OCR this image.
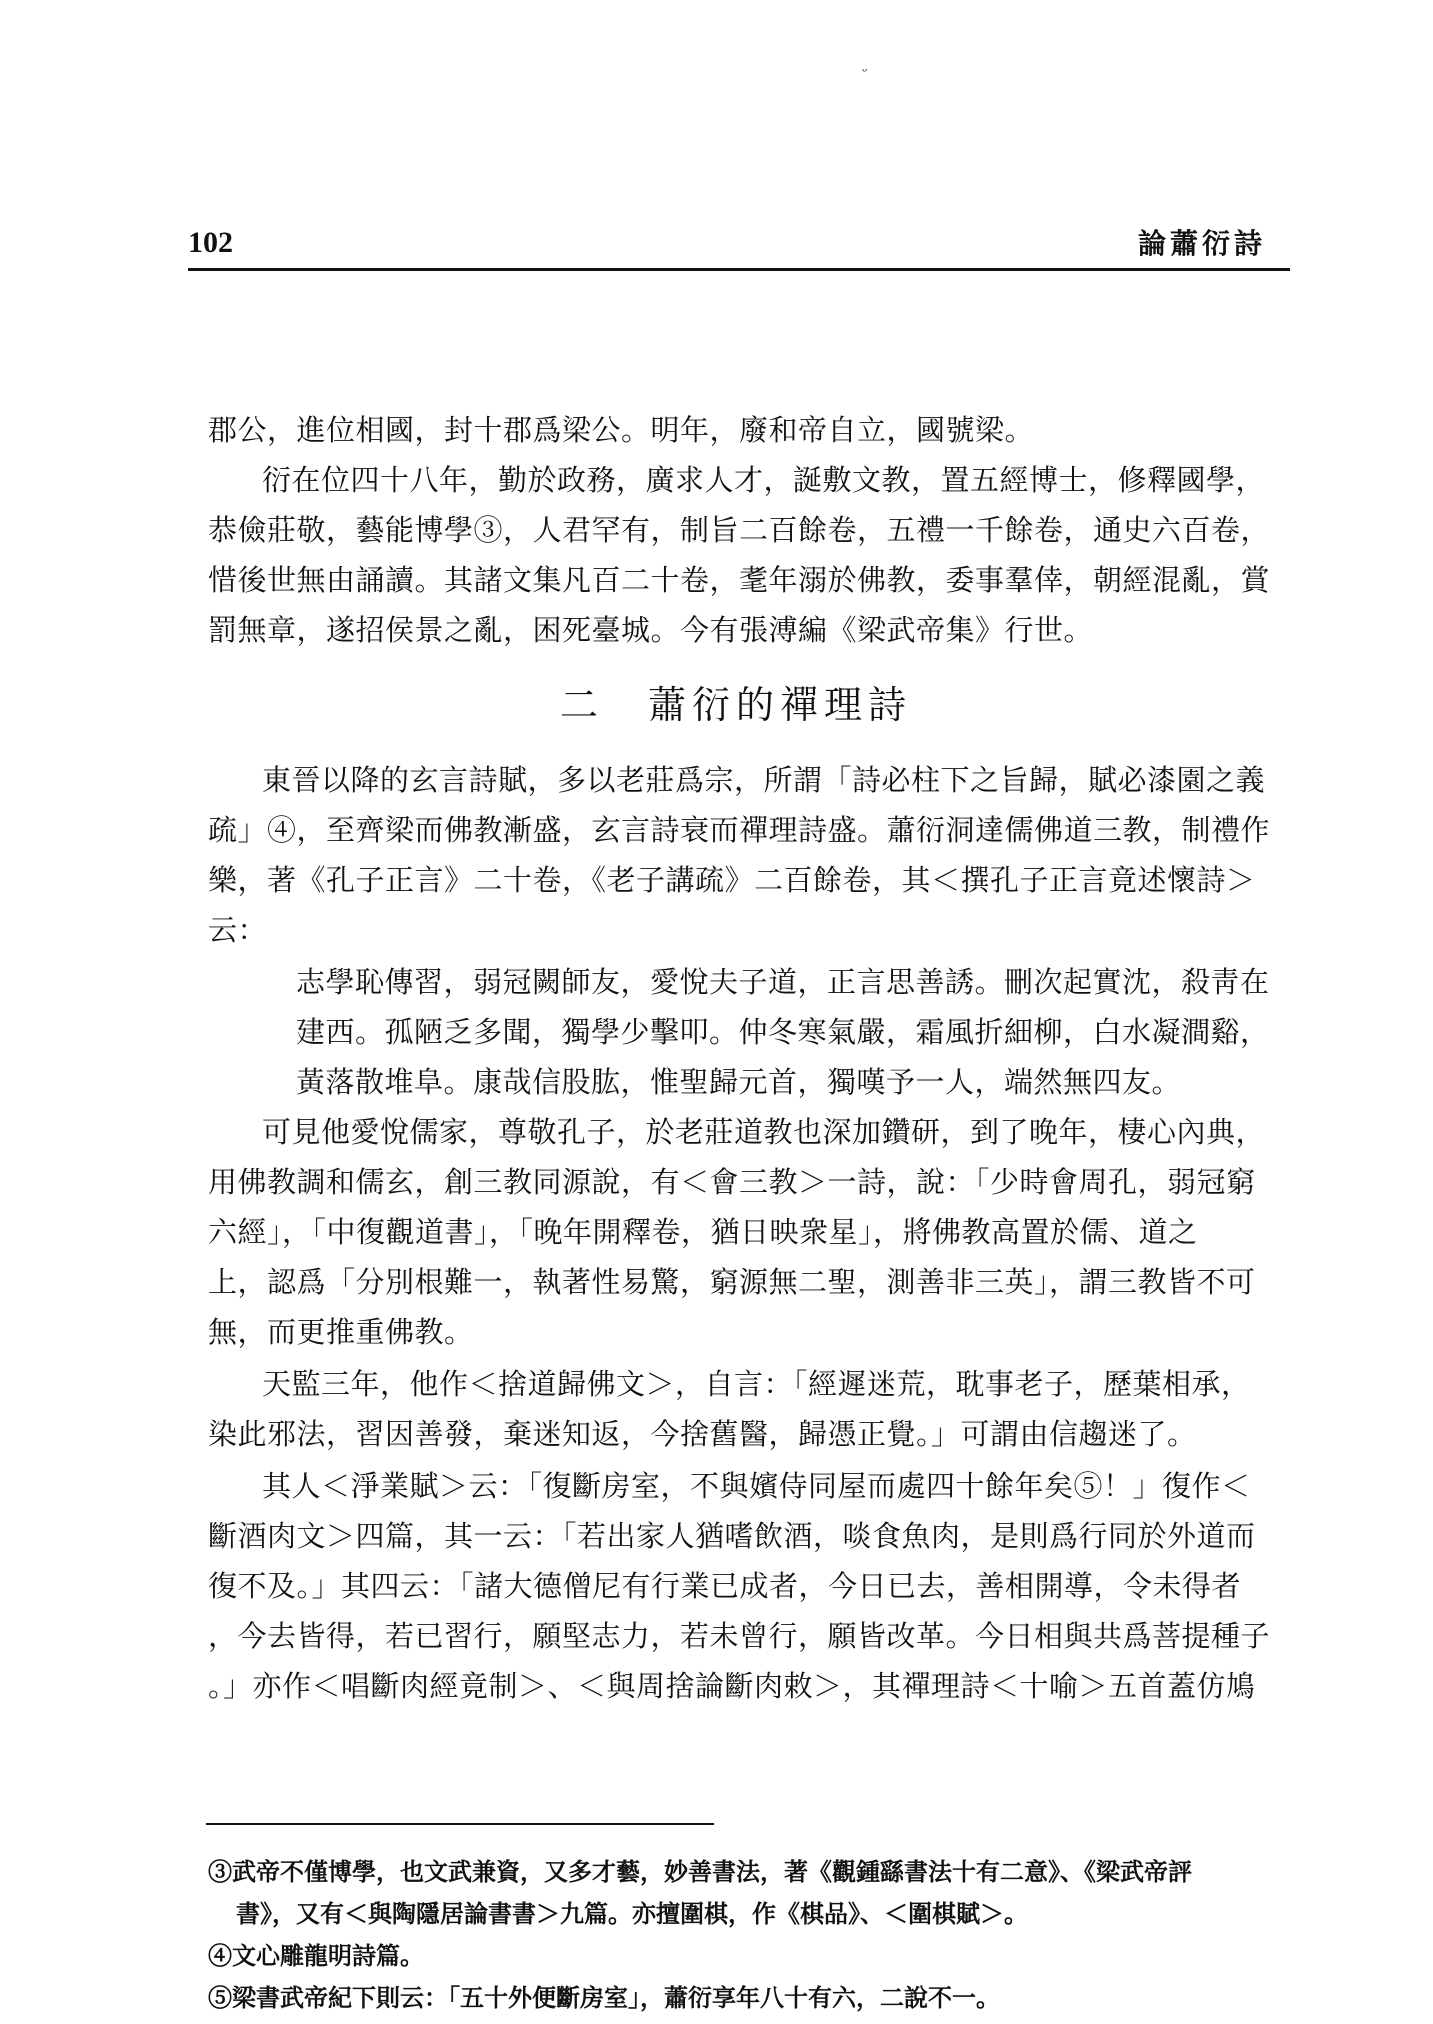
ᵕ
102	論蕭衍詩
郡公，進位相國，封十郡爲梁公。明年，廢和帝自立，國號梁。
衍在位四十八年，勤於政務，廣求人才，誕敷文教，置五經博士，修釋國學，
恭儉莊敬，藝能博學③，人君罕有，制旨二百餘卷，五禮一千餘卷，通史六百卷，
惜後世無由誦讀。其諸文集凡百二十卷，耄年溺於佛教，委事羣倖，朝經混亂，賞
罰無章，遂招侯景之亂，困死臺城。今有張溥編《梁武帝集》行世。
二　蕭衍的禪理詩
東晉以降的玄言詩賦，多以老莊爲宗，所謂「詩必柱下之旨歸，賦必漆園之義
疏」④，至齊梁而佛教漸盛，玄言詩衰而禪理詩盛。蕭衍洞達儒佛道三教，制禮作
樂，著《孔子正言》二十卷，《老子講疏》二百餘卷，其＜撰孔子正言竟述懷詩＞
云：
志學恥傳習，弱冠闕師友，愛悅夫子道，正言思善誘。刪次起實沈，殺靑在
建西。孤陋乏多聞，獨學少擊叩。仲冬寒氣嚴，霜風折細柳，白水凝澗谿，
黃落散堆阜。康哉信股肱，惟聖歸元首，獨嘆予一人，端然無四友。
可見他愛悅儒家，尊敬孔子，於老莊道教也深加鑽研，到了晚年，棲心內典，
用佛教調和儒玄，創三教同源說，有＜會三教＞一詩，說：「少時會周孔，弱冠窮
六經」，「中復觀道書」，「晚年開釋卷，猶日映衆星」，將佛教高置於儒、道之
上，認爲「分別根難一，執著性易驚，窮源無二聖，測善非三英」，謂三教皆不可
無，而更推重佛教。
天監三年，他作＜捨道歸佛文＞，自言：「經遲迷荒，耽事老子，歷葉相承，
染此邪法，習因善發，棄迷知返，今捨舊醫，歸憑正覺。」可謂由信趨迷了。
其人＜淨業賦＞云：「復斷房室，不與嬪侍同屋而處四十餘年矣⑤！」復作＜
斷酒肉文＞四篇，其一云：「若出家人猶嗜飲酒，啖食魚肉，是則爲行同於外道而
復不及。」其四云：「諸大德僧尼有行業已成者，今日已去，善相開導，令未得者
，今去皆得，若已習行，願堅志力，若未曾行，願皆改革。今日相與共爲菩提種子
。」亦作＜唱斷肉經竟制＞、＜與周捨論斷肉敕＞，其禪理詩＜十喻＞五首蓋仿鳩
③武帝不僅博學，也文武兼資，又多才藝，妙善書法，著《觀鍾繇書法十有二意》、《梁武帝評
書》，又有＜與陶隱居論書書＞九篇。亦擅圍棋，作《棋品》、＜圍棋賦＞。
④文心雕龍明詩篇。
⑤梁書武帝紀下則云：「五十外便斷房室」，蕭衍享年八十有六，二說不一。
